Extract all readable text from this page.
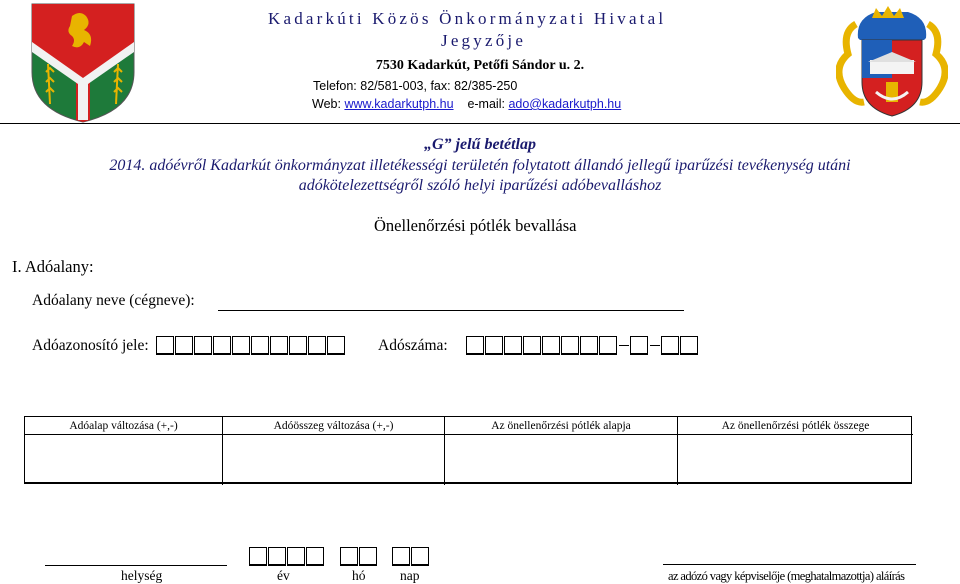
Kadarkúti Közös Önkormányzati Hivatal
Jegyzője
7530 Kadarkút, Petőfi Sándor u. 2.
Telefon: 82/581-003, fax: 82/385-250
Web: www.kadarkutph.hu e-mail: ado@kadarkutph.hu
„G” jelű betétlap
2014. adóévről Kadarkút önkormányzat illetékességi területén folytatott állandó jellegű iparűzési tevékenység utáni
adókötelezettségről szóló helyi iparűzési adóbevalláshoz
Önellenőrzési pótlék bevallása
I. Adóalany:
Adóalany neve (cégneve):
Adóazonosító jele:	Adószáma:
Adóalap változása (+,-)	Adóösszeg változása (+,-)	Az önellenőrzési pótlék alapja	Az önellenőrzési pótlék összege
helység	év	hó	nap	az adózó vagy képviselője (meghatalmazottja) aláírás
